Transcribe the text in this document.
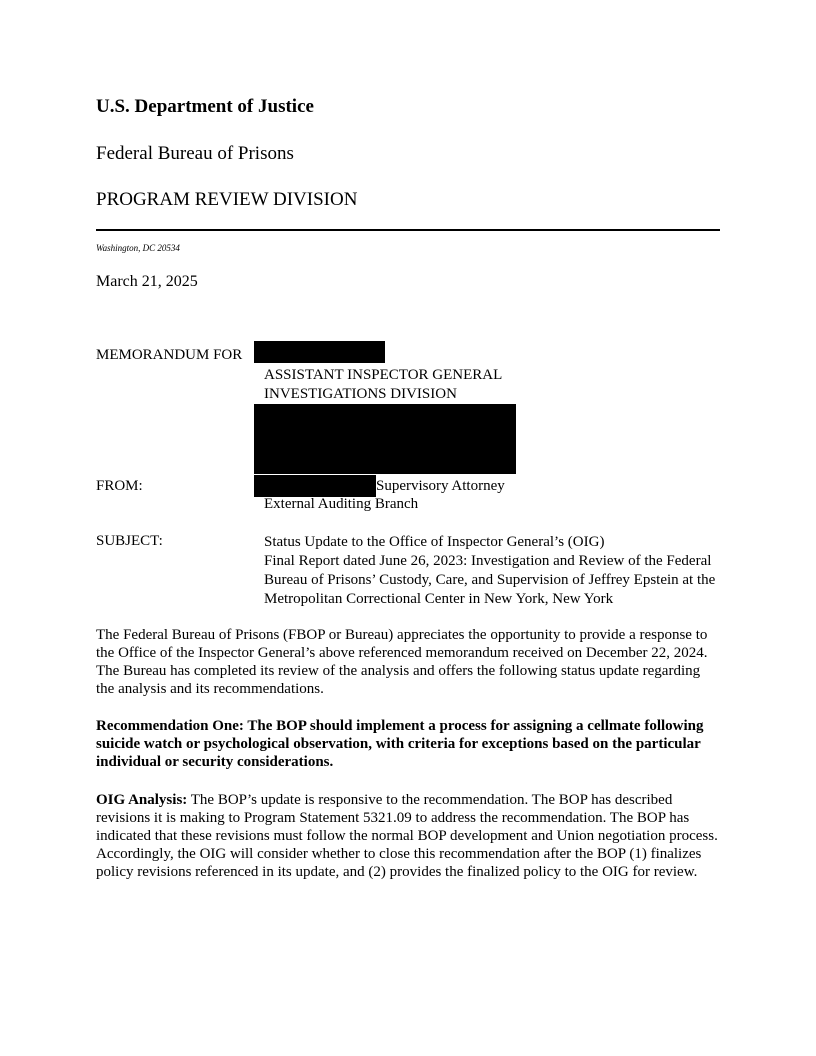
U.S. Department of Justice
Federal Bureau of Prisons
PROGRAM REVIEW DIVISION
Washington, DC 20534
March 21, 2025
MEMORANDUM FOR
ASSISTANT INSPECTOR GENERAL
INVESTIGATIONS DIVISION
FROM:	Supervisory Attorney
External Auditing Branch
SUBJECT:	Status Update to the Office of Inspector General’s (OIG)
Final Report dated June 26, 2023: Investigation and Review of the Federal
Bureau of Prisons’ Custody, Care, and Supervision of Jeffrey Epstein at the
Metropolitan Correctional Center in New York, New York
The Federal Bureau of Prisons (FBOP or Bureau) appreciates the opportunity to provide a response to the Office of the Inspector General’s above referenced memorandum received on December 22, 2024. The Bureau has completed its review of the analysis and offers the following status update regarding the analysis and its recommendations.
Recommendation One: The BOP should implement a process for assigning a cellmate following suicide watch or psychological observation, with criteria for exceptions based on the particular individual or security considerations.
OIG Analysis: The BOP’s update is responsive to the recommendation. The BOP has described revisions it is making to Program Statement 5321.09 to address the recommendation. The BOP has indicated that these revisions must follow the normal BOP development and Union negotiation process. Accordingly, the OIG will consider whether to close this recommendation after the BOP (1) finalizes policy revisions referenced in its update, and (2) provides the finalized policy to the OIG for review.
